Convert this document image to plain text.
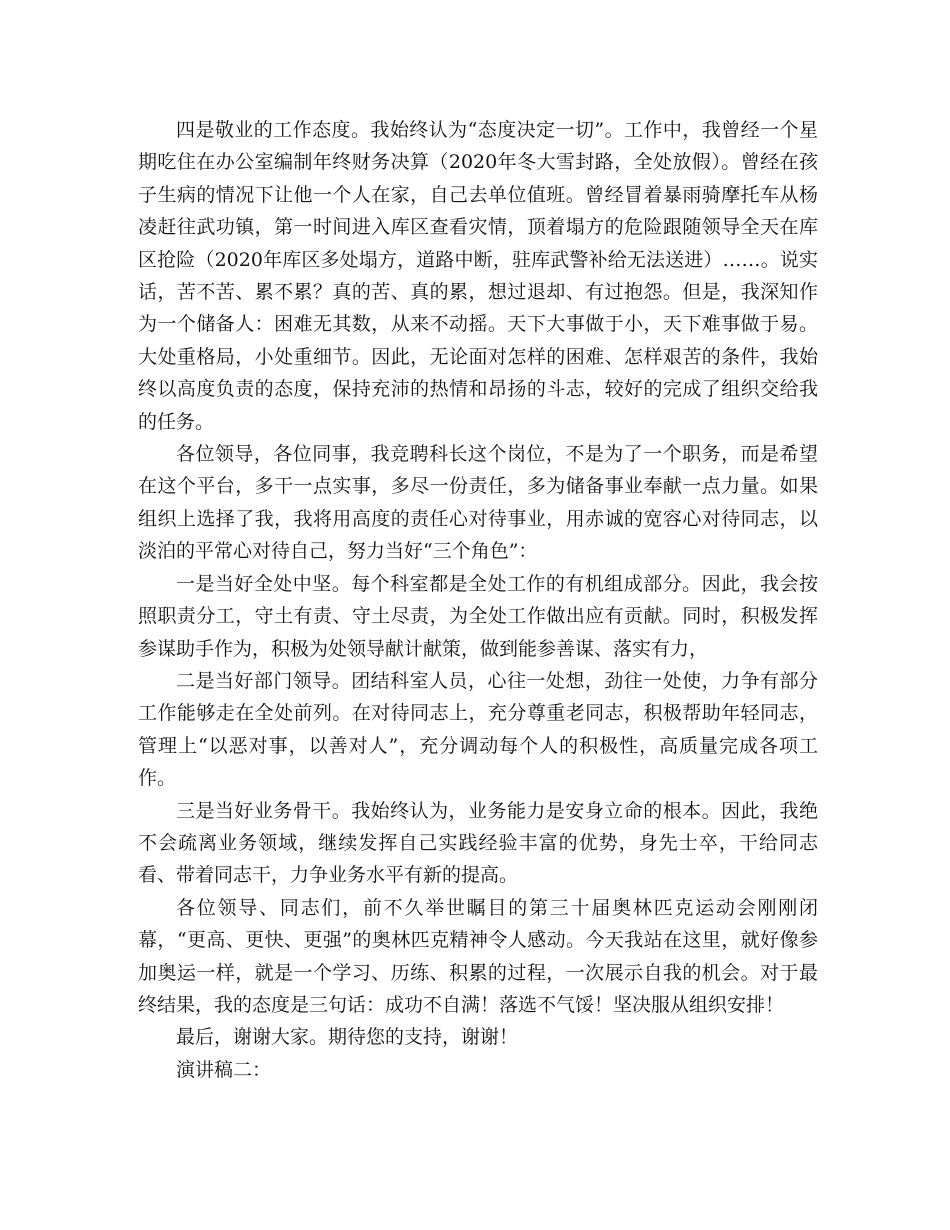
四是敬业的工作态度。我始终认为“态度决定一切”。工作中，我曾经一个星期吃住在办公室编制年终财务决算（2020年冬大雪封路，全处放假）。曾经在孩子生病的情况下让他一个人在家，自己去单位值班。曾经冒着暴雨骑摩托车从杨凌赶往武功镇，第一时间进入库区查看灾情，顶着塌方的危险跟随领导全天在库区抢险（2020年库区多处塌方，道路中断，驻库武警补给无法送进）……。说实话，苦不苦、累不累？真的苦、真的累，想过退却、有过抱怨。但是，我深知作为一个储备人：困难无其数，从来不动摇。天下大事做于小，天下难事做于易。大处重格局，小处重细节。因此，无论面对怎样的困难、怎样艰苦的条件，我始终以高度负责的态度，保持充沛的热情和昂扬的斗志，较好的完成了组织交给我的任务。

各位领导，各位同事，我竞聘科长这个岗位，不是为了一个职务，而是希望在这个平台，多干一点实事，多尽一份责任，多为储备事业奉献一点力量。如果组织上选择了我，我将用高度的责任心对待事业，用赤诚的宽容心对待同志，以淡泊的平常心对待自己，努力当好“三个角色”：

一是当好全处中坚。每个科室都是全处工作的有机组成部分。因此，我会按照职责分工，守土有责、守土尽责，为全处工作做出应有贡献。同时，积极发挥参谋助手作为，积极为处领导献计献策，做到能参善谋、落实有力，

二是当好部门领导。团结科室人员，心往一处想，劲往一处使，力争有部分工作能够走在全处前列。在对待同志上，充分尊重老同志，积极帮助年轻同志，管理上“以恶对事，以善对人”，充分调动每个人的积极性，高质量完成各项工作。

三是当好业务骨干。我始终认为，业务能力是安身立命的根本。因此，我绝不会疏离业务领域，继续发挥自己实践经验丰富的优势，身先士卒，干给同志看、带着同志干，力争业务水平有新的提高。

各位领导、同志们，前不久举世瞩目的第三十届奥林匹克运动会刚刚闭幕，“更高、更快、更强”的奥林匹克精神令人感动。今天我站在这里，就好像参加奥运一样，就是一个学习、历练、积累的过程，一次展示自我的机会。对于最终结果，我的态度是三句话：成功不自满！落选不气馁！坚决服从组织安排！

最后，谢谢大家。期待您的支持，谢谢！

演讲稿二：
